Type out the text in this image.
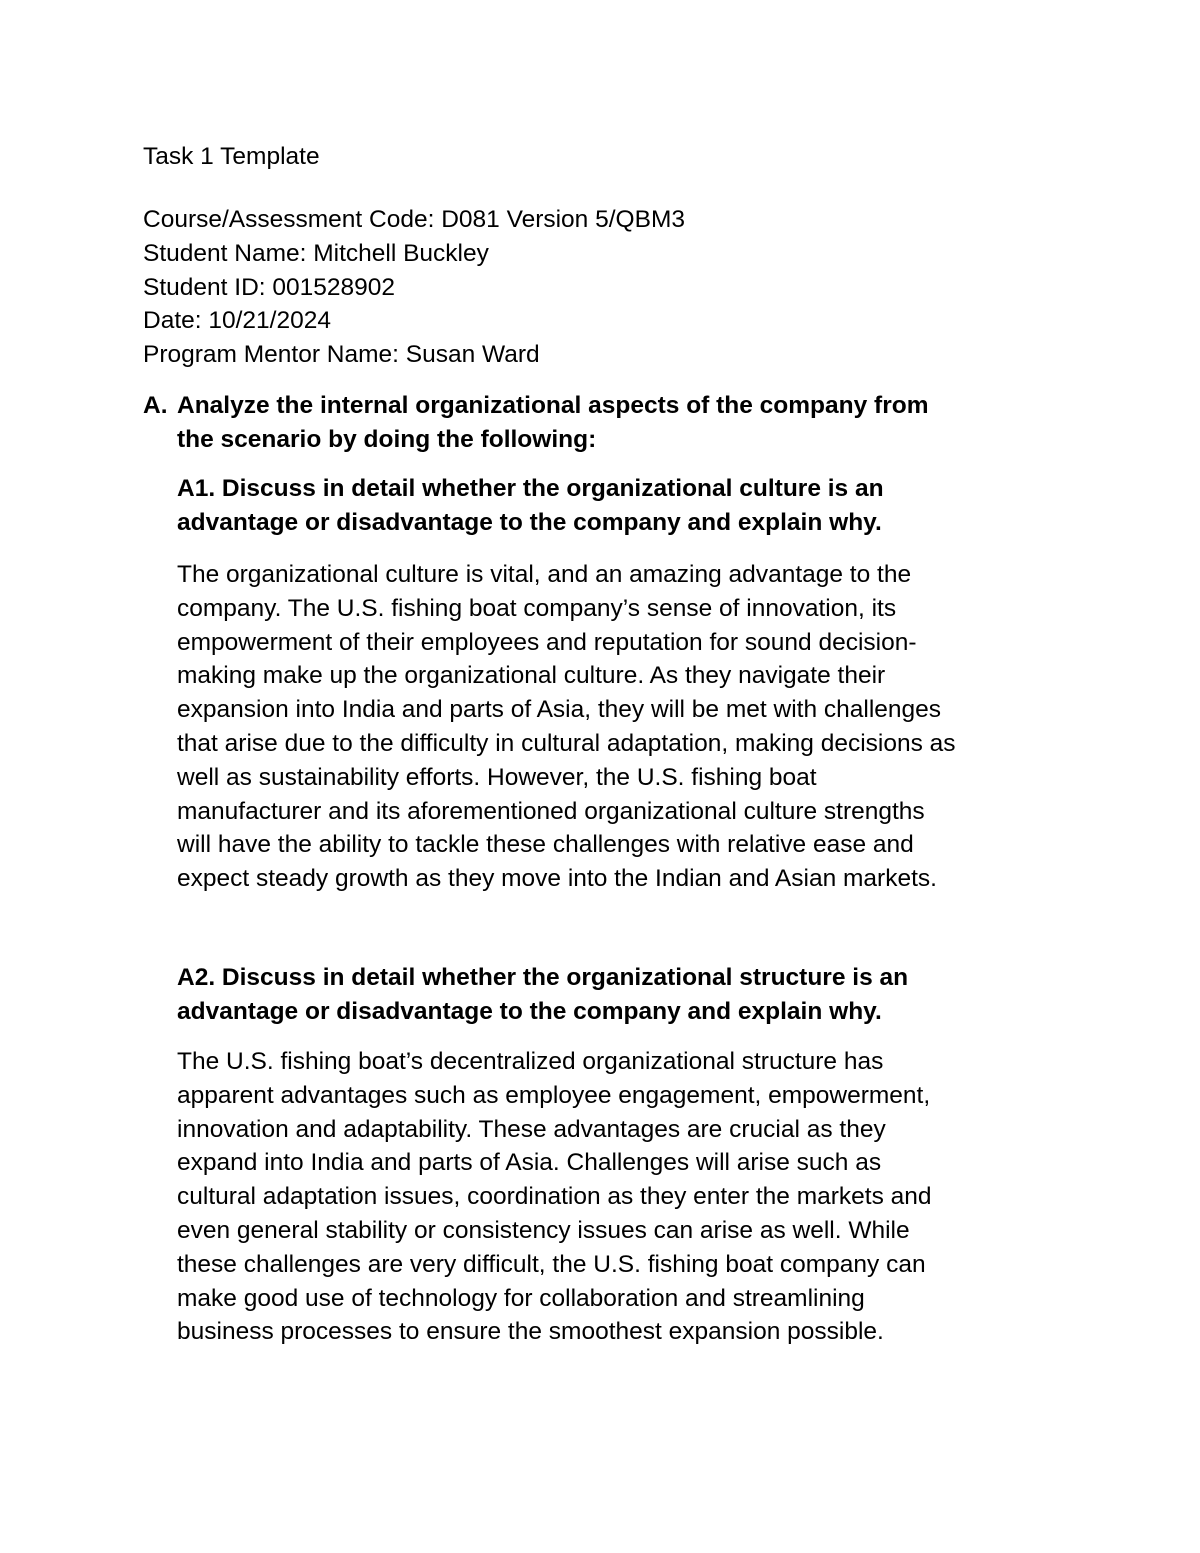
Task 1 Template
Course/Assessment Code: D081 Version 5/QBM3
Student Name: Mitchell Buckley
Student ID: 001528902
Date: 10/21/2024
Program Mentor Name: Susan Ward
A. Analyze the internal organizational aspects of the company from
the scenario by doing the following:
A1. Discuss in detail whether the organizational culture is an
advantage or disadvantage to the company and explain why.
The organizational culture is vital, and an amazing advantage to the
company. The U.S. fishing boat company’s sense of innovation, its
empowerment of their employees and reputation for sound decision-
making make up the organizational culture. As they navigate their
expansion into India and parts of Asia, they will be met with challenges
that arise due to the difficulty in cultural adaptation, making decisions as
well as sustainability efforts. However, the U.S. fishing boat
manufacturer and its aforementioned organizational culture strengths
will have the ability to tackle these challenges with relative ease and
expect steady growth as they move into the Indian and Asian markets.
A2. Discuss in detail whether the organizational structure is an
advantage or disadvantage to the company and explain why.
The U.S. fishing boat’s decentralized organizational structure has
apparent advantages such as employee engagement, empowerment,
innovation and adaptability. These advantages are crucial as they
expand into India and parts of Asia. Challenges will arise such as
cultural adaptation issues, coordination as they enter the markets and
even general stability or consistency issues can arise as well. While
these challenges are very difficult, the U.S. fishing boat company can
make good use of technology for collaboration and streamlining
business processes to ensure the smoothest expansion possible.
